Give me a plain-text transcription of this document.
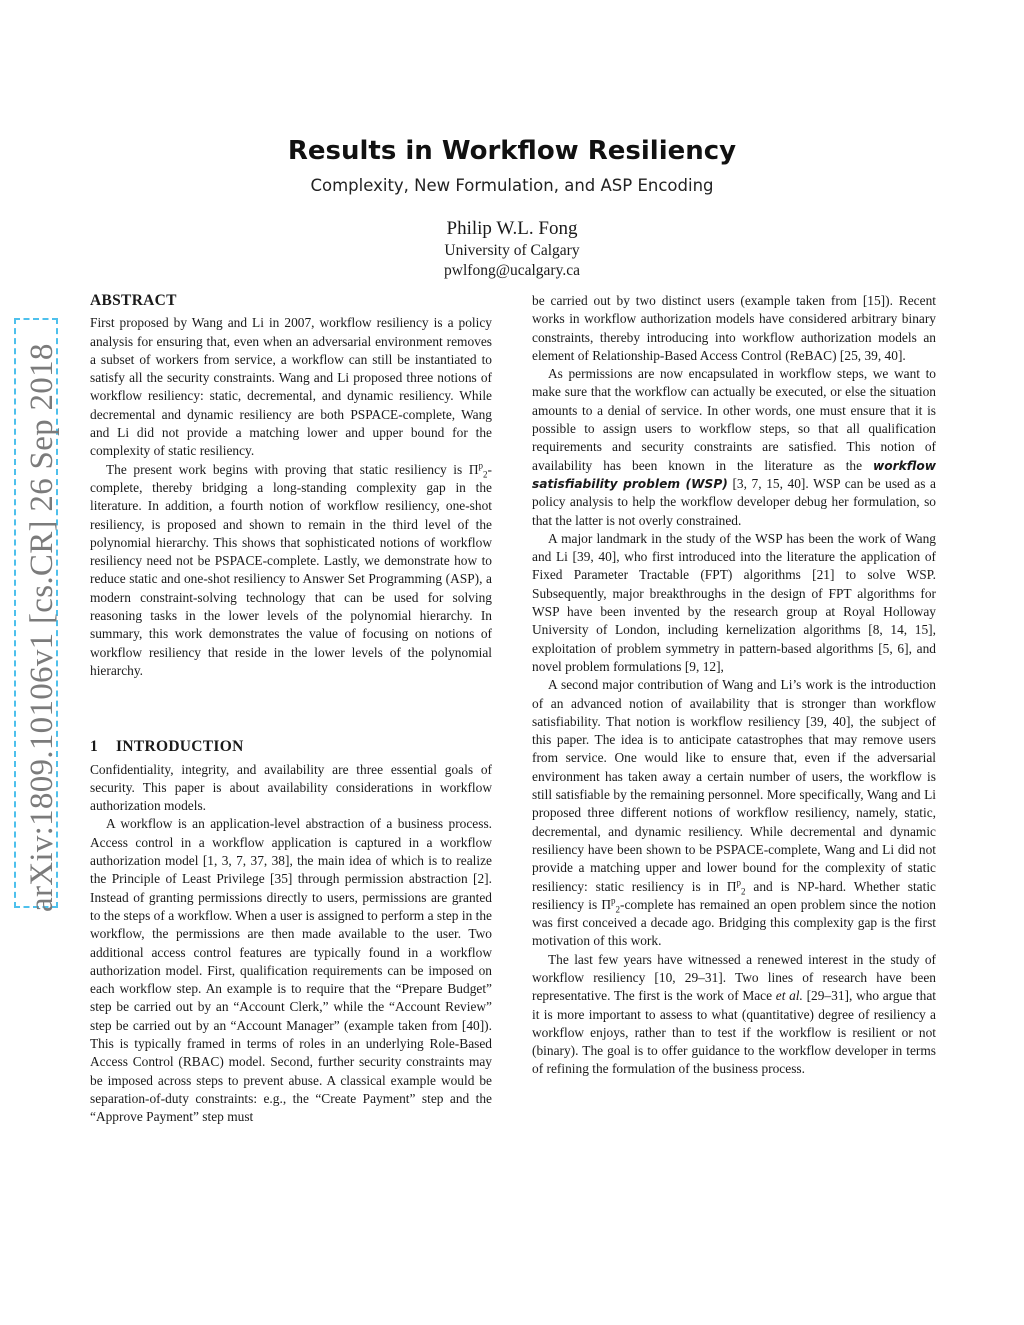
arXiv:1809.10106v1 [cs.CR] 26 Sep 2018
Results in Workflow Resiliency
Complexity, New Formulation, and ASP Encoding
Philip W.L. Fong
University of Calgary
pwlfong@ucalgary.ca
ABSTRACT

First proposed by Wang and Li in 2007, workflow resiliency is a policy analysis for ensuring that, even when an adversarial environment removes a subset of workers from service, a workflow can still be instantiated to satisfy all the security constraints. Wang and Li proposed three notions of workflow resiliency: static, decremental, and dynamic resiliency. While decremental and dynamic resiliency are both PSPACE-complete, Wang and Li did not provide a matching lower and upper bound for the complexity of static resiliency.

The present work begins with proving that static resiliency is $\Pi^p_2$-complete, thereby bridging a long-standing complexity gap in the literature. In addition, a fourth notion of workflow resiliency, one-shot resiliency, is proposed and shown to remain in the third level of the polynomial hierarchy. This shows that sophisticated notions of workflow resiliency need not be PSPACE-complete. Lastly, we demonstrate how to reduce static and one-shot resiliency to Answer Set Programming (ASP), a modern constraint-solving technology that can be used for solving reasoning tasks in the lower levels of the polynomial hierarchy. In summary, this work demonstrates the value of focusing on notions of workflow resiliency that reside in the lower levels of the polynomial hierarchy.

1 INTRODUCTION

Confidentiality, integrity, and availability are three essential goals of security. This paper is about availability considerations in workflow authorization models.

A workflow is an application-level abstraction of a business process. Access control in a workflow application is captured in a workflow authorization model [1, 3, 7, 37, 38], the main idea of which is to realize the Principle of Least Privilege [35] through permission abstraction [2]. Instead of granting permissions directly to users, permissions are granted to the steps of a workflow. When a user is assigned to perform a step in the workflow, the permissions are then made available to the user. Two additional access control features are typically found in a workflow authorization model. First, qualification requirements can be imposed on each workflow step. An example is to require that the “Prepare Budget” step be carried out by an “Account Clerk,” while the “Account Review” step be carried out by an “Account Manager” (example taken from [40]). This is typically framed in terms of roles in an underlying Role-Based Access Control (RBAC) model. Second, further security constraints may be imposed across steps to prevent abuse. A classical example would be separation-of-duty constraints: e.g., the “Create Payment” step and the “Approve Payment” step must

be carried out by two distinct users (example taken from [15]). Recent works in workflow authorization models have considered arbitrary binary constraints, thereby introducing into workflow authorization models an element of Relationship-Based Access Control (ReBAC) [25, 39, 40].

As permissions are now encapsulated in workflow steps, we want to make sure that the workflow can actually be executed, or else the situation amounts to a denial of service. In other words, one must ensure that it is possible to assign users to workflow steps, so that all qualification requirements and security constraints are satisfied. This notion of availability has been known in the literature as the workflow satisfiability problem (WSP) [3, 7, 15, 40]. WSP can be used as a policy analysis to help the workflow developer debug her formulation, so that the latter is not overly constrained.

A major landmark in the study of the WSP has been the work of Wang and Li [39, 40], who first introduced into the literature the application of Fixed Parameter Tractable (FPT) algorithms [21] to solve WSP. Subsequently, major breakthroughs in the design of FPT algorithms for WSP have been invented by the research group at Royal Holloway University of London, including kernelization algorithms [8, 14, 15], exploitation of problem symmetry in pattern-based algorithms [5, 6], and novel problem formulations [9, 12],

A second major contribution of Wang and Li’s work is the introduction of an advanced notion of availability that is stronger than workflow satisfiability. That notion is workflow resiliency [39, 40], the subject of this paper. The idea is to anticipate catastrophes that may remove users from service. One would like to ensure that, even if the adversarial environment has taken away a certain number of users, the workflow is still satisfiable by the remaining personnel. More specifically, Wang and Li proposed three different notions of workflow resiliency, namely, static, decremental, and dynamic resiliency. While decremental and dynamic resiliency have been shown to be PSPACE-complete, Wang and Li did not provide a matching upper and lower bound for the complexity of static resiliency: static resiliency is in $\Pi^p_2$ and is NP-hard. Whether static resiliency is $\Pi^p_2$-complete has remained an open problem since the notion was first conceived a decade ago. Bridging this complexity gap is the first motivation of this work.

The last few years have witnessed a renewed interest in the study of workflow resiliency [10, 29–31]. Two lines of research have been representative. The first is the work of Mace et al. [29–31], who argue that it is more important to assess to what (quantitative) degree of resiliency a workflow enjoys, rather than to test if the workflow is resilient or not (binary). The goal is to offer guidance to the workflow developer in terms of refining the formulation of the business process.
